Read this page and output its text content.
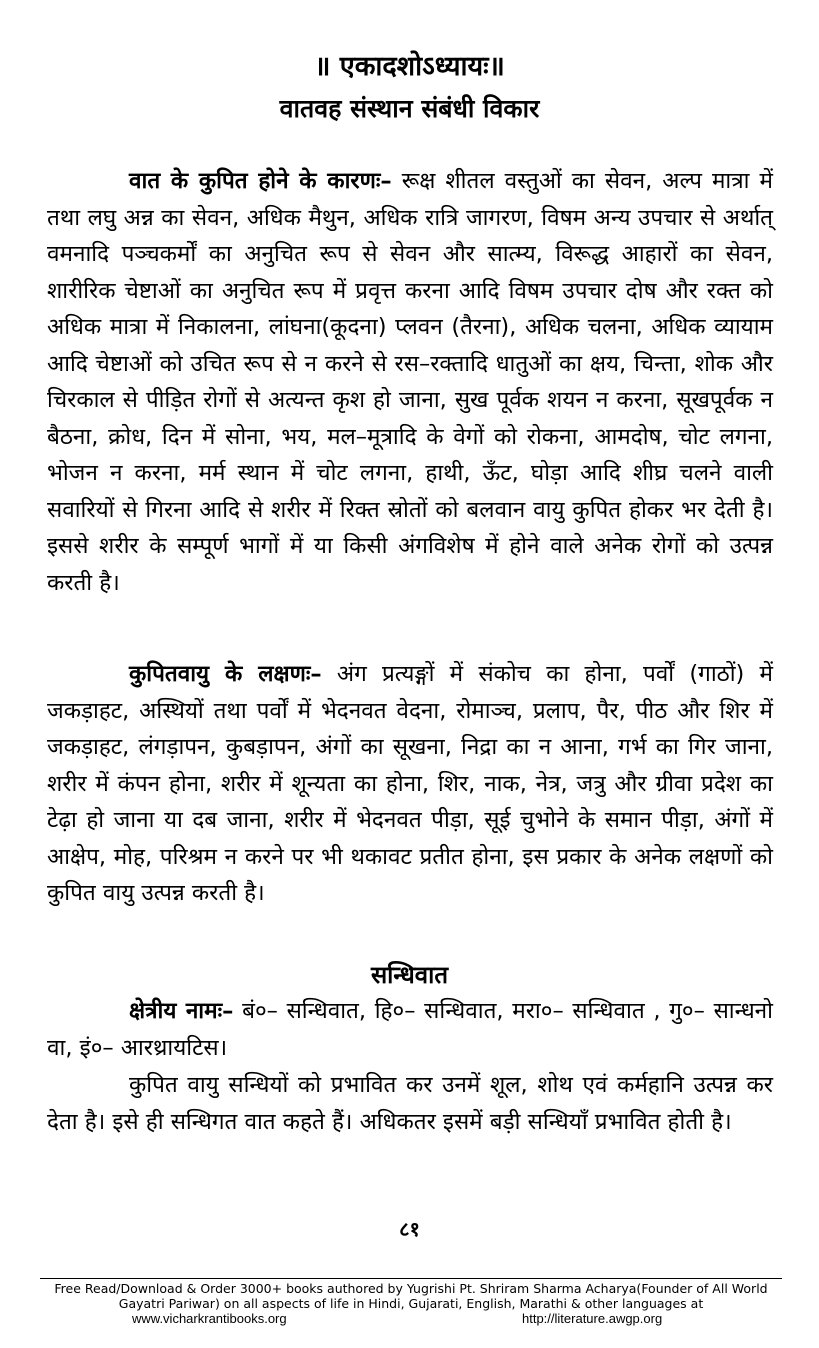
॥ एकादशोऽध्यायः॥
वातवह संस्थान संबंधी विकार

वात के कुपित होने के कारणः– रूक्ष शीतल वस्तुओं का सेवन, अल्प मात्रा में तथा लघु अन्न का सेवन, अधिक मैथुन, अधिक रात्रि जागरण, विषम अन्य उपचार से अर्थात् वमनादि पञ्चकर्मों का अनुचित रूप से सेवन और सात्म्य, विरूद्ध आहारों का सेवन, शारीरिक चेष्टाओं का अनुचित रूप में प्रवृत्त करना आदि विषम उपचार दोष और रक्त को अधिक मात्रा में निकालना, लांघना(कूदना) प्लवन (तैरना), अधिक चलना, अधिक व्यायाम आदि चेष्टाओं को उचित रूप से न करने से रस–रक्तादि धातुओं का क्षय, चिन्ता, शोक और चिरकाल से पीड़ित रोगों से अत्यन्त कृश हो जाना, सुख पूर्वक शयन न करना, सूखपूर्वक न बैठना, क्रोध, दिन में सोना, भय, मल–मूत्रादि के वेगों को रोकना, आमदोष, चोट लगना, भोजन न करना, मर्म स्थान में चोट लगना, हाथी, ऊँट, घोड़ा आदि शीघ्र चलने वाली सवारियों से गिरना आदि से शरीर में रिक्त स्रोतों को बलवान वायु कुपित होकर भर देती है। इससे शरीर के सम्पूर्ण भागों में या किसी अंगविशेष में होने वाले अनेक रोगों को उत्पन्न करती है।

कुपितवायु के लक्षणः– अंग प्रत्यङ्गों में संकोच का होना, पर्वों (गाठों) में जकड़ाहट, अस्थियों तथा पर्वों में भेदनवत वेदना, रोमाञ्च, प्रलाप, पैर, पीठ और शिर में जकड़ाहट, लंगड़ापन, कुबड़ापन, अंगों का सूखना, निद्रा का न आना, गर्भ का गिर जाना, शरीर में कंपन होना, शरीर में शून्यता का होना, शिर, नाक, नेत्र, जत्रु और ग्रीवा प्रदेश का टेढ़ा हो जाना या दब जाना, शरीर में भेदनवत पीड़ा, सूई चुभोने के समान पीड़ा, अंगों में आक्षेप, मोह, परिश्रम न करने पर भी थकावट प्रतीत होना, इस प्रकार के अनेक लक्षणों को कुपित वायु उत्पन्न करती है।

सन्धिवात

क्षेत्रीय नामः– बं०– सन्धिवात, हि०– सन्धिवात, मरा०– सन्धिवात , गु०– सान्धनो वा, इं०– आरथ्रायटिस।

कुपित वायु सन्धियों को प्रभावित कर उनमें शूल, शोथ एवं कर्महानि उत्पन्न कर देता है। इसे ही सन्धिगत वात कहते हैं। अधिकतर इसमें बड़ी सन्धियाँ प्रभावित होती है।

८१
Free Read/Download & Order 3000+ books authored by Yugrishi Pt. Shriram Sharma Acharya(Founder of All World Gayatri Pariwar) on all aspects of life in Hindi, Gujarati, English, Marathi & other languages at
www.vicharkrantibooks.org	http://literature.awgp.org
